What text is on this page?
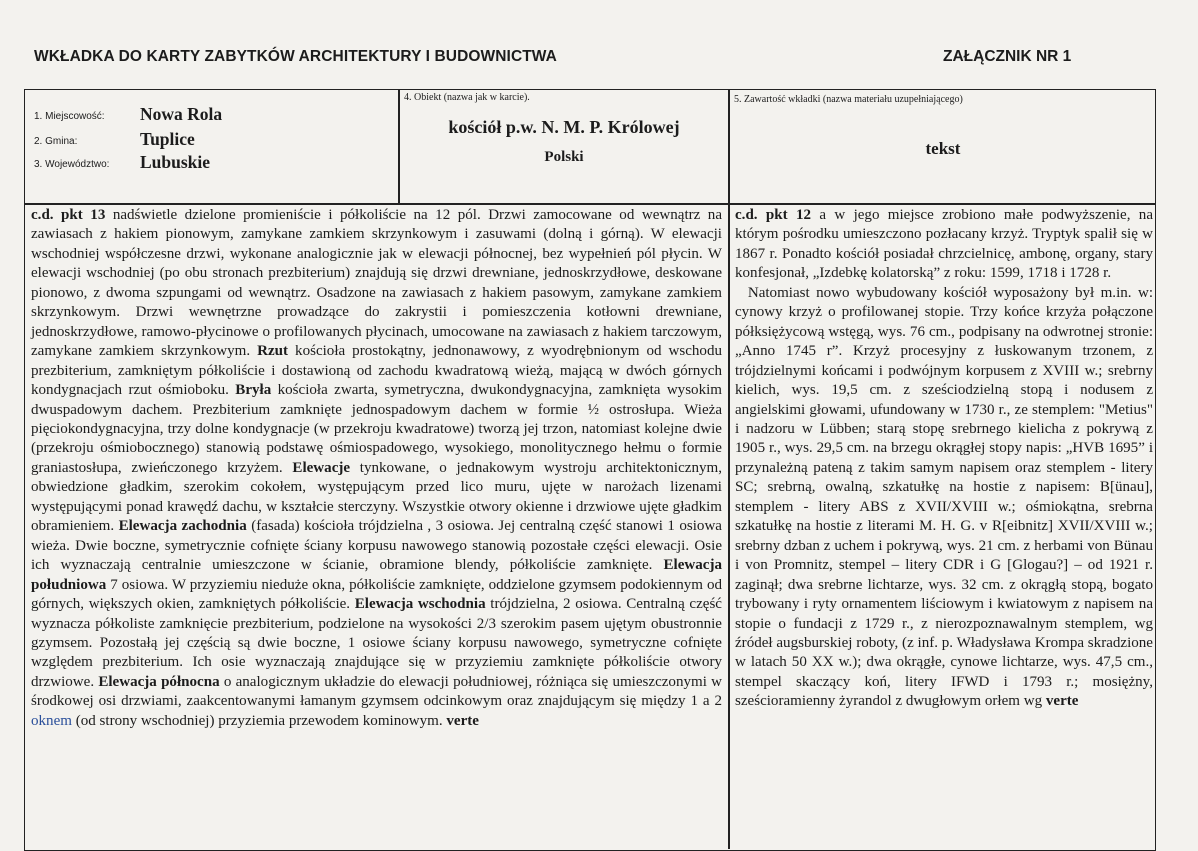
WKŁADKA DO KARTY ZABYTKÓW ARCHITEKTURY I BUDOWNICTWA	ZAŁĄCZNIK NR 1
1. Miejscowość: Nowa Rola
2. Gmina:	Tuplice
3. Województwo: Lubuskie
4. Obiekt (nazwa jak w karcie).
kościół p.w. N. M. P. Królowej
Polski
5. Zawartość wkładki (nazwa materiału uzupełniającego)
tekst
c.d. pkt 13 nadświetle dzielone promieniście i półkoliście na 12 pól. Drzwi zamocowane od wewnątrz na zawiasach z hakiem pionowym, zamykane zamkiem skrzynkowym i zasuwami (dolną i górną). W elewacji wschodniej współczesne drzwi, wykonane analogicznie jak w elewacji północnej, bez wypełnień pól płycin. W elewacji wschodniej (po obu stronach prezbiterium) znajdują się drzwi drewniane, jednoskrzydłowe, deskowane pionowo, z dwoma szpungami od wewnątrz. Osadzone na zawiasach z hakiem pasowym, zamykane zamkiem skrzynkowym. Drzwi wewnętrzne prowadzące do zakrystii i pomieszczenia kotłowni drewniane, jednoskrzydłowe, ramowo-płycinowe o profilowanych płycinach, umocowane na zawiasach z hakiem tarczowym, zamykane zamkiem skrzynkowym. Rzut kościoła prostokątny, jednonawowy, z wyodrębnionym od wschodu prezbiterium, zamkniętym półkoliście i dostawioną od zachodu kwadratową wieżą, mającą w dwóch górnych kondygnacjach rzut ośmioboku. Bryła kościoła zwarta, symetryczna, dwukondygnacyjna, zamknięta wysokim dwuspadowym dachem. Prezbiterium zamknięte jednospadowym dachem w formie ½ ostrosłupa. Wieża pięciokondygnacyjna, trzy dolne kondygnacje (w przekroju kwadratowe) tworzą jej trzon, natomiast kolejne dwie (przekroju ośmiobocznego) stanowią podstawę ośmiospadowego, wysokiego, monolitycznego hełmu o formie graniastosłupa, zwieńczonego krzyżem. Elewacje tynkowane, o jednakowym wystroju architektonicznym, obwiedzione gładkim, szerokim cokołem, występującym przed lico muru, ujęte w narożach lizenami występującymi ponad krawędź dachu, w kształcie sterczyny. Wszystkie otwory okienne i drzwiowe ujęte gładkim obramieniem. Elewacja zachodnia (fasada) kościoła trójdzielna , 3 osiowa. Jej centralną część stanowi 1 osiowa wieża. Dwie boczne, symetrycznie cofnięte ściany korpusu nawowego stanowią pozostałe części elewacji. Osie ich wyznaczają centralnie umieszczone w ścianie, obramione blendy, półkoliście zamknięte. Elewacja południowa 7 osiowa. W przyziemiu nieduże okna, półkoliście zamknięte, oddzielone gzymsem podokiennym od górnych, większych okien, zamkniętych półkoliście. Elewacja wschodnia trójdzielna, 2 osiowa. Centralną część wyznacza półkoliste zamknięcie prezbiterium, podzielone na wysokości 2/3 szerokim pasem ujętym obustronnie gzymsem. Pozostałą jej częścią są dwie boczne, 1 osiowe ściany korpusu nawowego, symetryczne cofnięte względem prezbiterium. Ich osie wyznaczają znajdujące się w przyziemiu zamknięte półkoliście otwory drzwiowe. Elewacja północna o analogicznym układzie do elewacji południowej, różniąca się umieszczonymi w środkowej osi drzwiami, zaakcentowanymi łamanym gzymsem odcinkowym oraz znajdującym się między 1 a 2 oknem (od strony wschodniej) przyziemia przewodem kominowym. verte
c.d. pkt 12 a w jego miejsce zrobiono małe podwyższenie, na którym pośrodku umieszczono pozłacany krzyż. Tryptyk spalił się w 1867 r. Ponadto kościół posiadał chrzcielnicę, ambonę, organy, stary konfesjonał, „Izdebkę kolatorską” z roku: 1599, 1718 i 1728 r.
Natomiast nowo wybudowany kościół wyposażony był m.in. w: cynowy krzyż o profilowanej stopie. Trzy końce krzyża połączone półksiężycową wstęgą, wys. 76 cm., podpisany na odwrotnej stronie: „Anno 1745 r”. Krzyż procesyjny z łuskowanym trzonem, z trójdzielnymi końcami i podwójnym korpusem z XVIII w.; srebrny kielich, wys. 19,5 cm. z sześciodzielną stopą i nodusem z angielskimi głowami, ufundowany w 1730 r., ze stemplem: "Metius" i nadzoru w Lübben; starą stopę srebrnego kielicha z pokrywą z 1905 r., wys. 29,5 cm. na brzegu okrągłej stopy napis: „HVB 1695” i przynależną pateną z takim samym napisem oraz stemplem - litery SC; srebrną, owalną, szkatułkę na hostie z napisem: B[ünau], stemplem - litery ABS z XVII/XVIII w.; ośmiokątna, srebrna szkatułkę na hostie z literami M. H. G. v R[eibnitz] XVII/XVIII w.; srebrny dzban z uchem i pokrywą, wys. 21 cm. z herbami von Bünau i von Promnitz, stempel – litery CDR i G [Glogau?] – od 1921 r. zaginął; dwa srebrne lichtarze, wys. 32 cm. z okrągłą stopą, bogato trybowany i ryty ornamentem liściowym i kwiatowym z napisem na stopie o fundacji z 1729 r., z nierozpoznawalnym stemplem, wg źródeł augsburskiej roboty, (z inf. p. Władysława Krompa skradzione w latach 50 XX w.); dwa okrągłe, cynowe lichtarze, wys. 47,5 cm., stempel skaczący koń, litery IFWD i 1793 r.; mosiężny, sześcioramienny żyrandol z dwugłowym orłem wg verte
